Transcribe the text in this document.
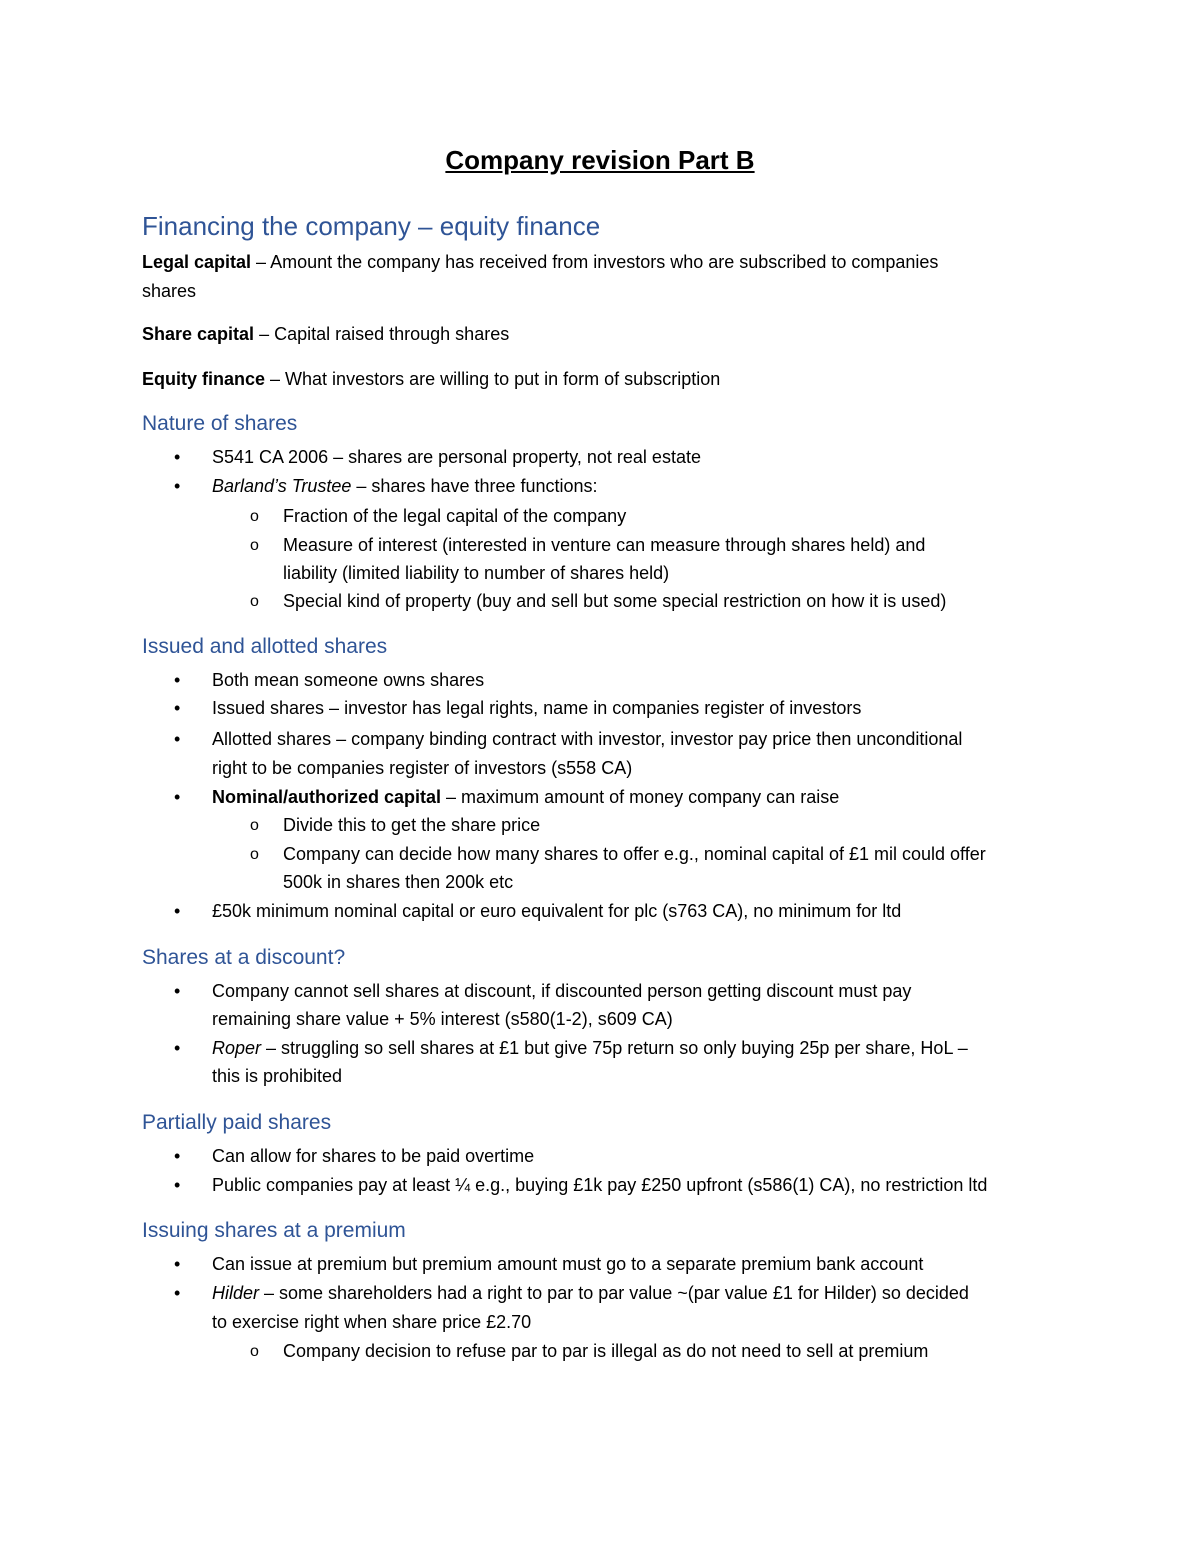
Company revision Part B
Financing the company – equity finance
Legal capital – Amount the company has received from investors who are subscribed to companies
shares
Share capital – Capital raised through shares
Equity finance – What investors are willing to put in form of subscription
Nature of shares
• S541 CA 2006 – shares are personal property, not real estate
• Barland’s Trustee – shares have three functions:
o Fraction of the legal capital of the company
o Measure of interest (interested in venture can measure through shares held) and
liability (limited liability to number of shares held)
o Special kind of property (buy and sell but some special restriction on how it is used)
Issued and allotted shares
• Both mean someone owns shares
• Issued shares – investor has legal rights, name in companies register of investors
• Allotted shares – company binding contract with investor, investor pay price then unconditional
right to be companies register of investors (s558 CA)
• Nominal/authorized capital – maximum amount of money company can raise
o Divide this to get the share price
o Company can decide how many shares to offer e.g., nominal capital of £1 mil could offer
500k in shares then 200k etc
• £50k minimum nominal capital or euro equivalent for plc (s763 CA), no minimum for ltd
Shares at a discount?
• Company cannot sell shares at discount, if discounted person getting discount must pay
remaining share value + 5% interest (s580(1-2), s609 CA)
• Roper – struggling so sell shares at £1 but give 75p return so only buying 25p per share, HoL –
this is prohibited
Partially paid shares
• Can allow for shares to be paid overtime
• Public companies pay at least ¼ e.g., buying £1k pay £250 upfront (s586(1) CA), no restriction ltd
Issuing shares at a premium
• Can issue at premium but premium amount must go to a separate premium bank account
• Hilder – some shareholders had a right to par to par value ~(par value £1 for Hilder) so decided
to exercise right when share price £2.70
o Company decision to refuse par to par is illegal as do not need to sell at premium
